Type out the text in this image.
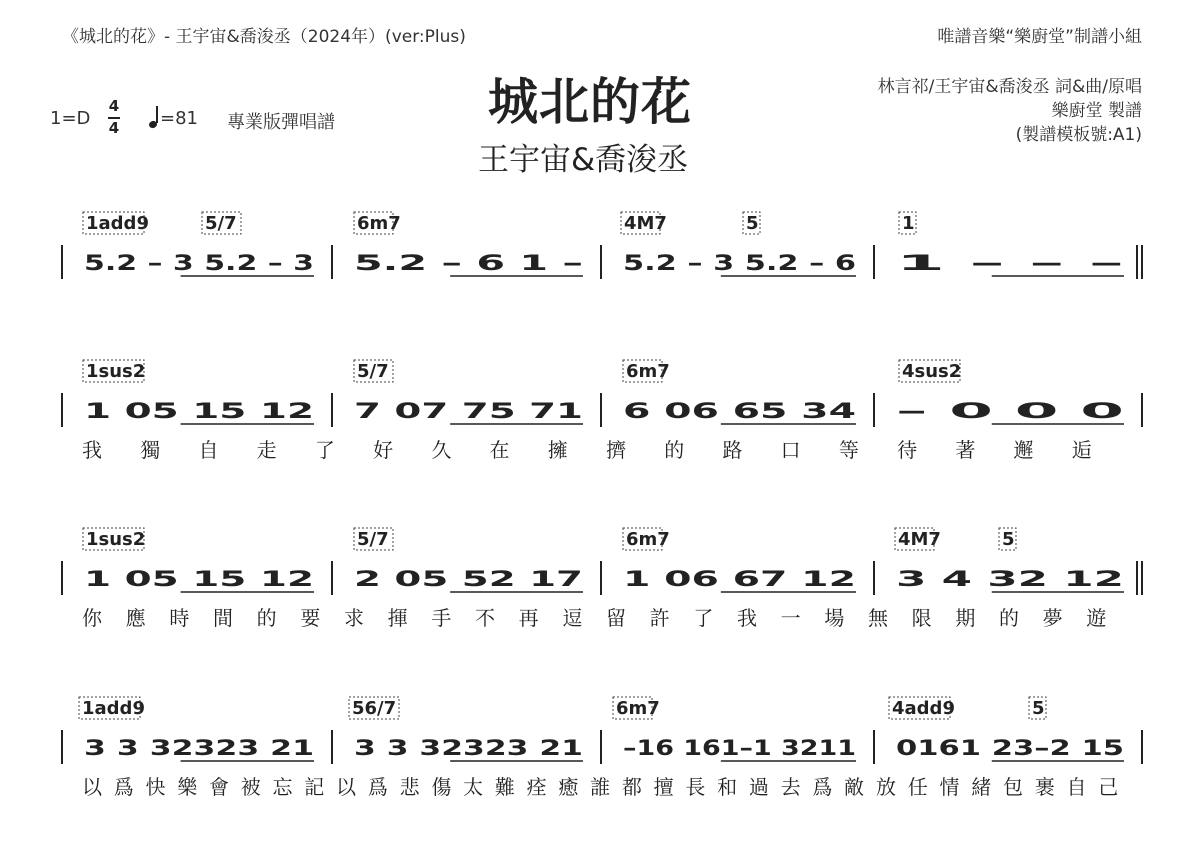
《城北的花》- 王宇宙&喬浚丞（2024年）(ver:Plus)	唯譜音樂“樂廚堂”制譜小組
城北的花
王宇宙&喬浚丞
1=D
4
4 =81 專業版彈唱譜
林言祁/王宇宙&喬浚丞 詞&曲/原唱
樂廚堂 製譜
(製譜模板號:A1)
1add9	5/7	6m7	4M7	5	1
5.2 – 3 5.2 – 3 5.2 – 6 1 – 5.2 – 3 5.2 – 6 1 – – –
1sus2	5/7	6m7	4sus2
1 05 15 12 7 07 75 71 6 06 65 34 – 0 0 0
我 獨 自 走 了 好 久 在 擁 擠 的 路 口 等 待 著 邂 逅
1sus2	5/7	6m7	4M7	5
1 05 15 12 2 05 52 17 1 06 67 12 3 4 32 12
你 應 時 間 的 要 求 揮 手 不 再 逗 留 許 了 我 一 場 無 限 期 的 夢 遊
1add9	56/7	6m7	4add9	5
3 3 32323 21 3 3 32323 21 –16 161–1 3211 0161 23–2 15
以 爲 快 樂 會 被 忘 記 以 爲 悲 傷 太 難 痊 癒 誰 都 擅 長 和 過 去 爲 敵 放 任 情 緒 包 裹 自 己
